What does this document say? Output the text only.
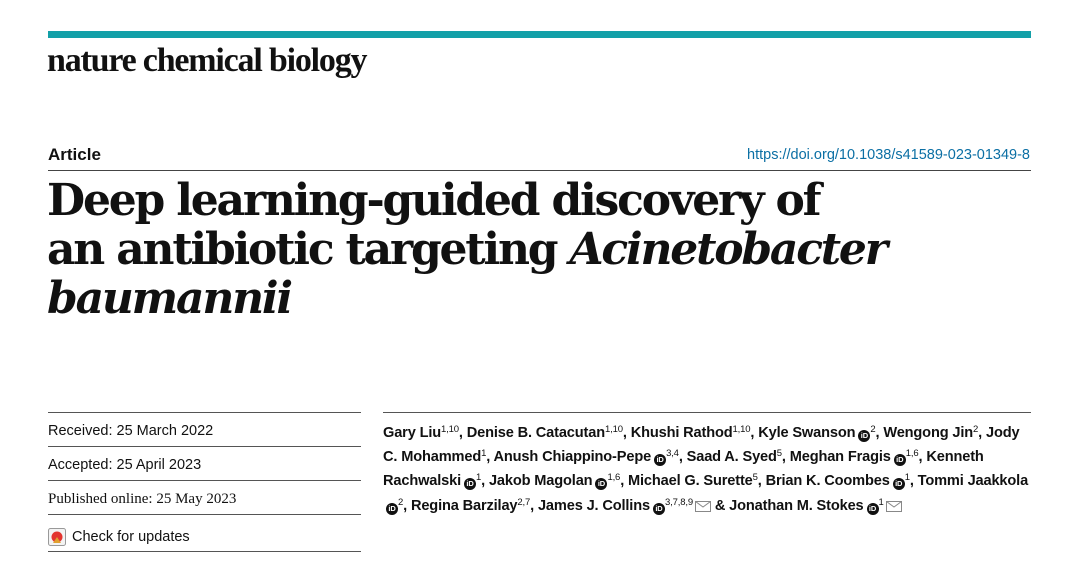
nature chemical biology
Article	https://doi.org/10.1038/s41589-023-01349-8
Deep learning-guided discovery of
an antibiotic targeting Acinetobacter
baumannii
Received: 25 March 2022
Accepted: 25 April 2023
Published online: 25 May 2023
Check for updates
Gary Liu$^{1,10}$, Denise B. Catacutan$^{1,10}$, Khushi Rathod$^{1,10}$, Kyle Swanson $iD^2$, Wengong Jin$^2$, Jody C. Mohammed$^1$, Anush Chiappino-Pepe iD$^{3,4}$, Saad A. Syed$^5$, Meghan Fragis iD$^{1,6}$, Kenneth Rachwalski $iD^1$, Jakob Magolan iD$^{1,6}$, Michael G. Surette$^5$, Brian K. Coombes $iD^1$, Tommi JaakkolaiD$^2$, Regina Barzilay$^{2,7}$, James J. Collins iD$^{3,7,8,9}$ & Jonathan M. Stokes $iD^1$
